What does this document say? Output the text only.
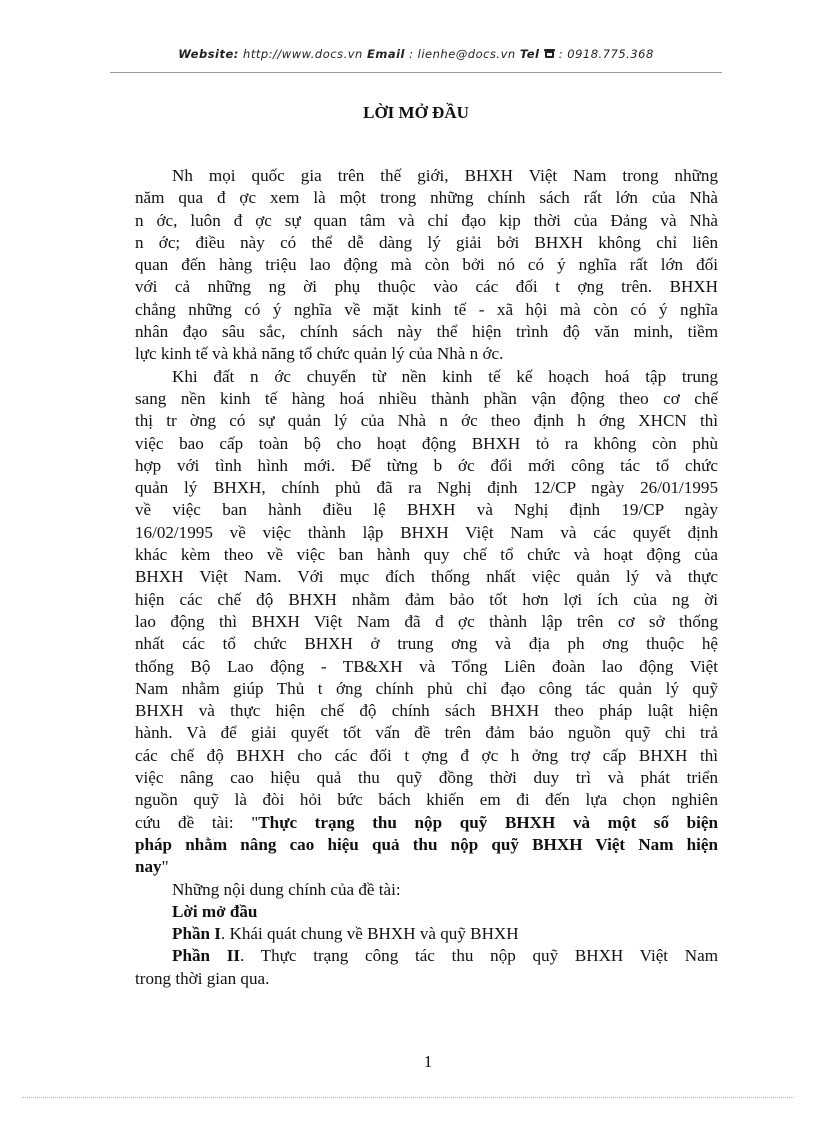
Website: http://www.docs.vn Email : lienhe@docs.vn Tel  : 0918.775.368
LỜI MỞ ĐẦU
Nh mọi quốc gia trên thế giới, BHXH Việt Nam trong những
năm qua đ ợc xem là một trong những chính sách rất lớn của Nhà
n ớc, luôn đ ợc sự quan tâm và chỉ đạo kịp thời của Đảng và Nhà
n ớc; điều này có thể dễ dàng lý giải bởi BHXH không chỉ liên
quan đến hàng triệu lao động mà còn bởi nó có ý nghĩa rất lớn đối
với cả những ng ời phụ thuộc vào các đối t ợng trên. BHXH
chẳng những có ý nghĩa về mặt kinh tế - xã hội mà còn có ý nghĩa
nhân đạo sâu sắc, chính sách này thể hiện trình độ văn minh, tiềm
lực kinh tế và khả năng tổ chức quản lý của Nhà n ớc.
Khi đất n ớc chuyển từ nền kinh tế kế hoạch hoá tập trung
sang nền kinh tế hàng hoá nhiều thành phần vận động theo cơ chế
thị tr ờng có sự quản lý của Nhà n ớc theo định h ớng XHCN thì
việc bao cấp toàn bộ cho hoạt động BHXH tỏ ra không còn phù
hợp với tình hình mới. Để từng b ớc đổi mới công tác tổ chức
quản lý BHXH, chính phủ đã ra Nghị định 12/CP ngày 26/01/1995
về việc ban hành điều lệ BHXH và Nghị định 19/CP ngày
16/02/1995 về việc thành lập BHXH Việt Nam và các quyết định
khác kèm theo về việc ban hành quy chế tổ chức và hoạt động của
BHXH Việt Nam. Với mục đích thống nhất việc quản lý và thực
hiện các chế độ BHXH nhằm đảm bảo tốt hơn lợi ích của ng ời
lao động thì BHXH Việt Nam đã đ ợc thành lập trên cơ sở thống
nhất các tổ chức BHXH ở trung ơng và địa ph ơng thuộc hệ
thống Bộ Lao động - TB&XH và Tổng Liên đoàn lao động Việt
Nam nhằm giúp Thủ t ớng chính phủ chỉ đạo công tác quản lý quỹ
BHXH và thực hiện chế độ chính sách BHXH theo pháp luật hiện
hành. Và để giải quyết tốt vấn đề trên đảm bảo nguồn quỹ chi trả
các chế độ BHXH cho các đối t ợng đ ợc h ởng trợ cấp BHXH thì
việc nâng cao hiệu quả thu quỹ đồng thời duy trì và phát triển
nguồn quỹ là đòi hỏi bức bách khiến em đi đến lựa chọn nghiên
cứu đề tài: "Thực trạng thu nộp quỹ BHXH và một số biện
pháp nhằm nâng cao hiệu quả thu nộp quỹ BHXH Việt Nam hiện
nay"
Những nội dung chính của đề tài:
Lời mở đầu
Phần I. Khái quát chung về BHXH và quỹ BHXH
Phần II. Thực trạng công tác thu nộp quỹ BHXH Việt Nam
trong thời gian qua.
1
